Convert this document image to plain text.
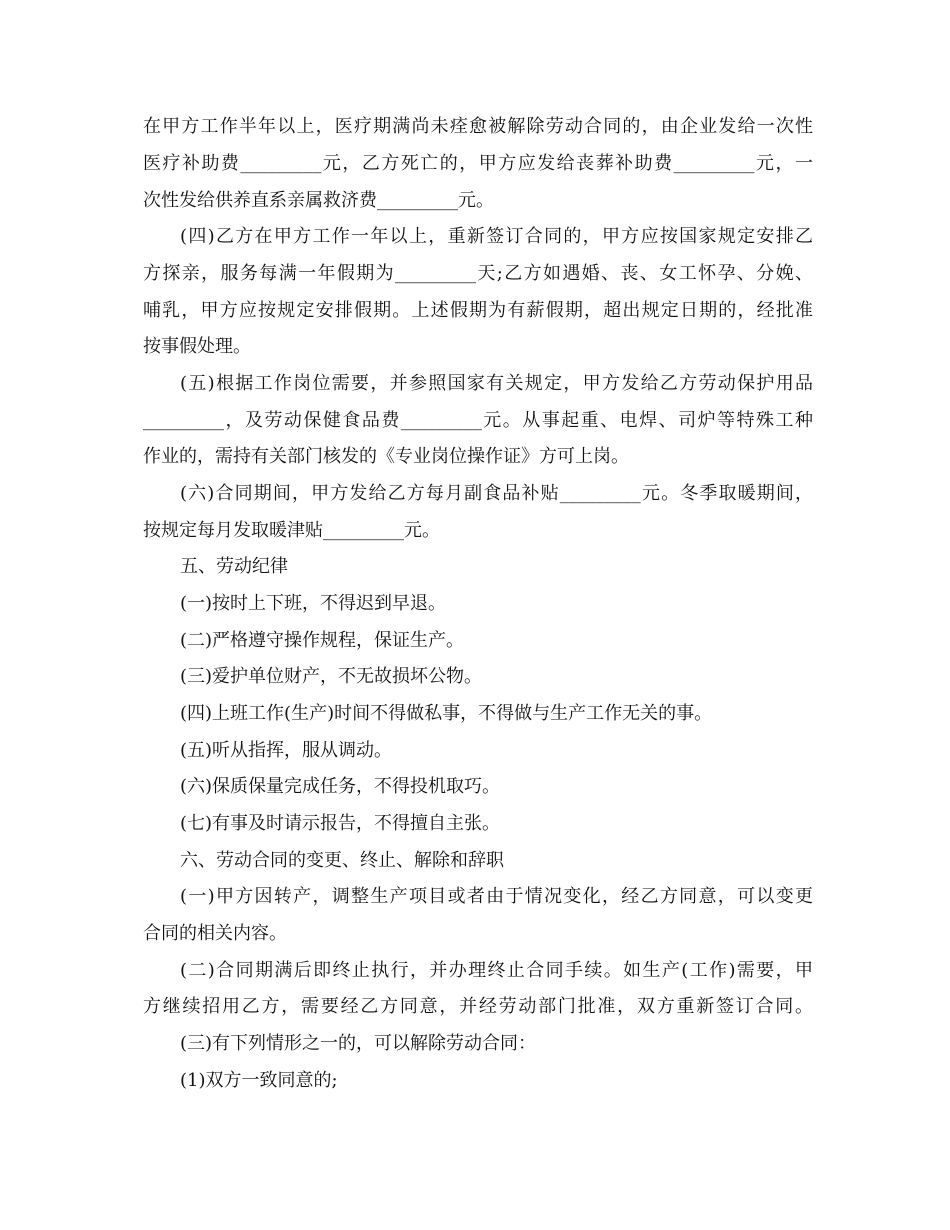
在甲方工作半年以上，医疗期满尚未痊愈被解除劳动合同的，由企业发给一次性
医疗补助费_________元，乙方死亡的，甲方应发给丧葬补助费_________元，一
次性发给供养直系亲属救济费_________元。
(四)乙方在甲方工作一年以上，重新签订合同的，甲方应按国家规定安排乙
方探亲，服务每满一年假期为_________天;乙方如遇婚、丧、女工怀孕、分娩、
哺乳，甲方应按规定安排假期。上述假期为有薪假期，超出规定日期的，经批准
按事假处理。
(五)根据工作岗位需要，并参照国家有关规定，甲方发给乙方劳动保护用品
_________，及劳动保健食品费_________元。从事起重、电焊、司炉等特殊工种
作业的，需持有关部门核发的《专业岗位操作证》方可上岗。
(六)合同期间，甲方发给乙方每月副食品补贴_________元。冬季取暖期间，
按规定每月发取暖津贴_________元。
五、劳动纪律
(一)按时上下班，不得迟到早退。
(二)严格遵守操作规程，保证生产。
(三)爱护单位财产，不无故损坏公物。
(四)上班工作(生产)时间不得做私事，不得做与生产工作无关的事。
(五)听从指挥，服从调动。
(六)保质保量完成任务，不得投机取巧。
(七)有事及时请示报告，不得擅自主张。
六、劳动合同的变更、终止、解除和辞职
(一)甲方因转产，调整生产项目或者由于情况变化，经乙方同意，可以变更
合同的相关内容。
(二)合同期满后即终止执行，并办理终止合同手续。如生产(工作)需要，甲
方继续招用乙方，需要经乙方同意，并经劳动部门批准，双方重新签订合同。
(三)有下列情形之一的，可以解除劳动合同：
(1)双方一致同意的;
